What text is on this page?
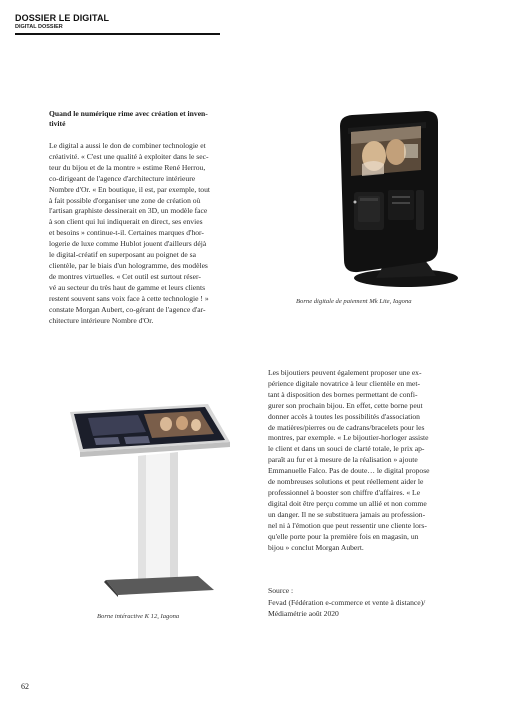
DOSSIER LE DIGITAL
DIGITAL DOSSIER
Quand le numérique rime avec création et inven-
tivité
Le digital a aussi le don de combiner technologie et
créativité. « C'est une qualité à exploiter dans le sec-
teur du bijou et de la montre » estime René Herrou,
co-dirigeant de l'agence d'architecture intérieure
Nombre d'Or. « En boutique, il est, par exemple, tout
à fait possible d'organiser une zone de création où
l'artisan graphiste dessinerait en 3D, un modèle face
à son client qui lui indiquerait en direct, ses envies
et besoins » continue-t-il. Certaines marques d'hor-
logerie de luxe comme Hublot jouent d'ailleurs déjà
le digital-créatif en superposant au poignet de sa
clientèle, par le biais d'un hologramme, des modèles
de montres virtuelles. « Cet outil est surtout réser-
vé au secteur du très haut de gamme et leurs clients
restent souvent sans voix face à cette technologie ! »
constate Morgan Aubert, co-gérant de l'agence d'ar-
chitecture intérieure Nombre d'Or.
Borne digitale de paiement Mk Lite, Iagona
Borne intéractive K 12, Iagona
Les bijoutiers peuvent également proposer une ex-
périence digitale novatrice à leur clientèle en met-
tant à disposition des bornes permettant de confi-
gurer son prochain bijou. En effet, cette borne peut
donner accès à toutes les possibilités d'association
de matières/pierres ou de cadrans/bracelets pour les
montres, par exemple. « Le bijoutier-horloger assiste
le client et dans un souci de clarté totale, le prix ap-
paraît au fur et à mesure de la réalisation » ajoute
Emmanuelle Falco. Pas de doute… le digital propose
de nombreuses solutions et peut réellement aider le
professionnel à booster son chiffre d'affaires. « Le
digital doit être perçu comme un allié et non comme
un danger. Il ne se substituera jamais au profession-
nel ni à l'émotion que peut ressentir une cliente lors-
qu'elle porte pour la première fois en magasin, un
bijou » conclut Morgan Aubert.
Source :
Fevad (Fédération e-commerce et vente à distance)/
Médiamétrie août 2020
62
